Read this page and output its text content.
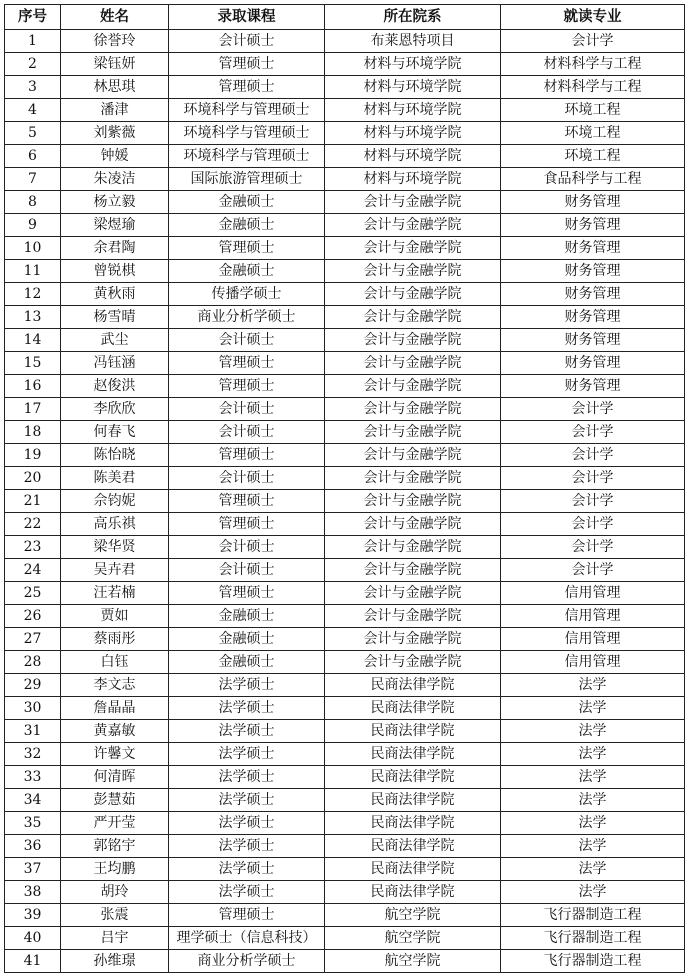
序号	姓名	录取课程	所在院系	就读专业
1	徐誉玲	会计硕士	布莱恩特项目	会计学
2	梁钰妍	管理硕士	材料与环境学院	材料科学与工程
3	林思琪	管理硕士	材料与环境学院	材料科学与工程
4	潘津	环境科学与管理硕士	材料与环境学院	环境工程
5	刘紫薇	环境科学与管理硕士	材料与环境学院	环境工程
6	钟媛	环境科学与管理硕士	材料与环境学院	环境工程
7	朱凌洁	国际旅游管理硕士	材料与环境学院	食品科学与工程
8	杨立毅	金融硕士	会计与金融学院	财务管理
9	梁煜瑜	金融硕士	会计与金融学院	财务管理
10	余君陶	管理硕士	会计与金融学院	财务管理
11	曾锐棋	金融硕士	会计与金融学院	财务管理
12	黄秋雨	传播学硕士	会计与金融学院	财务管理
13	杨雪晴	商业分析学硕士	会计与金融学院	财务管理
14	武尘	会计硕士	会计与金融学院	财务管理
15	冯钰涵	管理硕士	会计与金融学院	财务管理
16	赵俊洪	管理硕士	会计与金融学院	财务管理
17	李欣欣	会计硕士	会计与金融学院	会计学
18	何春飞	会计硕士	会计与金融学院	会计学
19	陈怡晓	管理硕士	会计与金融学院	会计学
20	陈美君	会计硕士	会计与金融学院	会计学
21	佘钧妮	管理硕士	会计与金融学院	会计学
22	高乐祺	管理硕士	会计与金融学院	会计学
23	梁华贤	会计硕士	会计与金融学院	会计学
24	吴卉君	会计硕士	会计与金融学院	会计学
25	汪若楠	管理硕士	会计与金融学院	信用管理
26	贾如	金融硕士	会计与金融学院	信用管理
27	蔡雨彤	金融硕士	会计与金融学院	信用管理
28	白钰	金融硕士	会计与金融学院	信用管理
29	李文志	法学硕士	民商法律学院	法学
30	詹晶晶	法学硕士	民商法律学院	法学
31	黄嘉敏	法学硕士	民商法律学院	法学
32	许馨文	法学硕士	民商法律学院	法学
33	何清晖	法学硕士	民商法律学院	法学
34	彭慧茹	法学硕士	民商法律学院	法学
35	严开莹	法学硕士	民商法律学院	法学
36	郭铭宇	法学硕士	民商法律学院	法学
37	王均鹏	法学硕士	民商法律学院	法学
38	胡玲	法学硕士	民商法律学院	法学
39	张震	管理硕士	航空学院	飞行器制造工程
40	吕宇	理学硕士（信息科技）	航空学院	飞行器制造工程
41	孙维璟	商业分析学硕士	航空学院	飞行器制造工程
